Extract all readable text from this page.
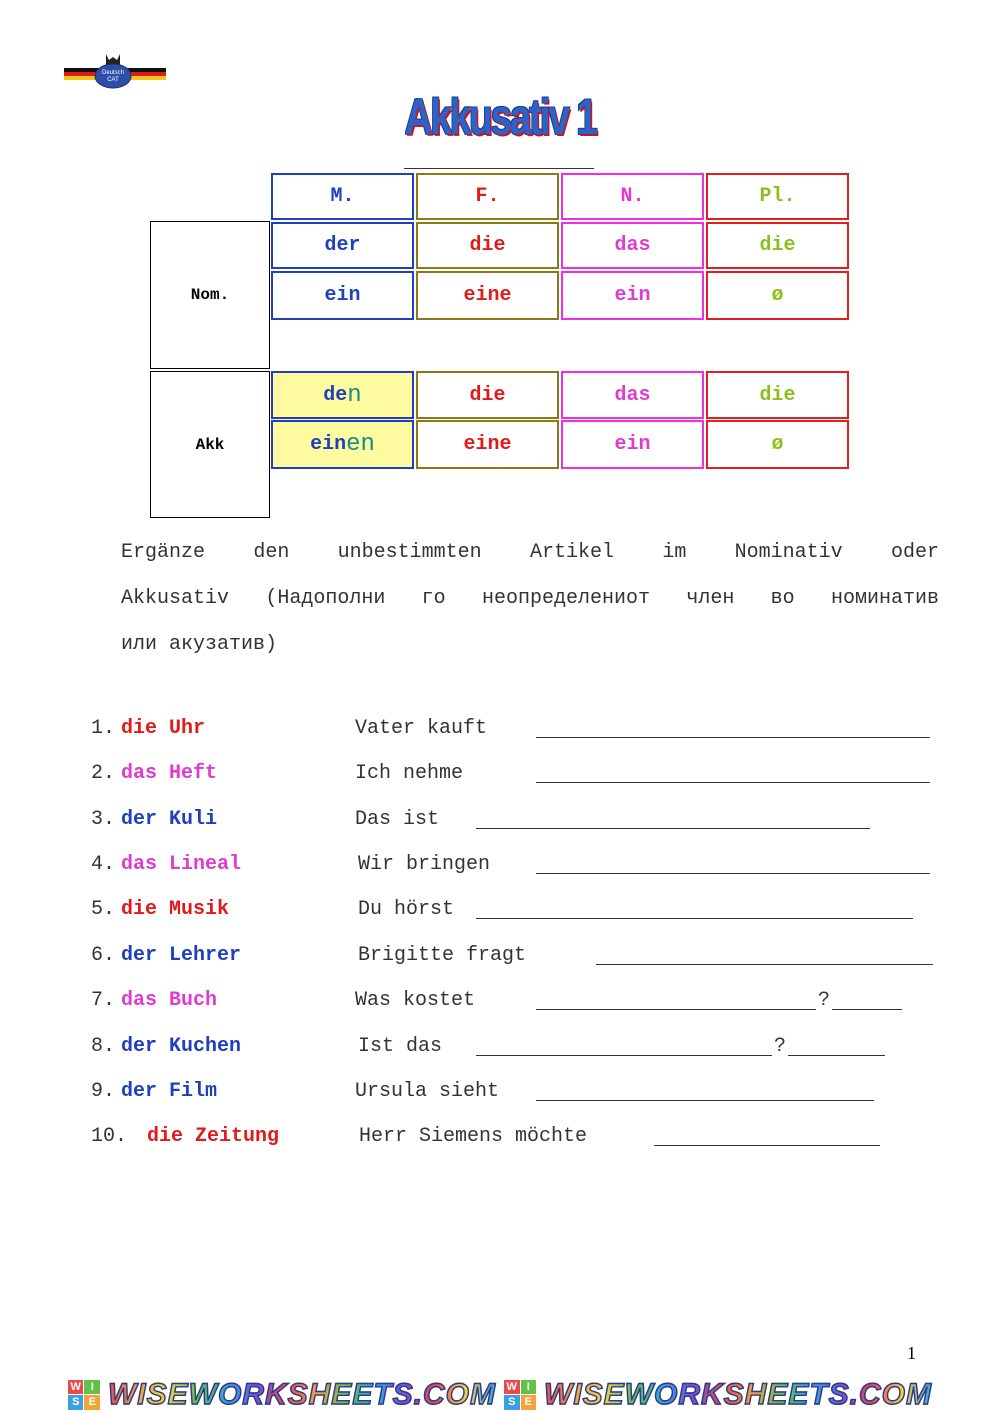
Deutsch
CAT
Akkusativ 1
M.	F.	N.	Pl.
Nom.
der	die	das	die
ein	eine	ein	ø
Akk
de n	die	das	die
ein en	eine	ein	ø
Ergänze den unbestimmten Artikel im Nominativ oder
Akkusativ (Надополни го неопределениот член во номинатив
или акузатив)
1. die Uhr	Vater kauft
2. das Heft	Ich nehme
3. der Kuli	Das ist
4. das Lineal	Wir bringen
5. die Musik	Du hörst
6. der Lehrer	Brigitte fragt
7. das Buch	Was kostet	?
8. der Kuchen	Ist das	?
9. der Film	Ursula sieht
10. die Zeitung	Herr Siemens möchte
1
W I
S E WISEWORKSHEETS.COM W I
S E WISEWORKSHEETS.COM
